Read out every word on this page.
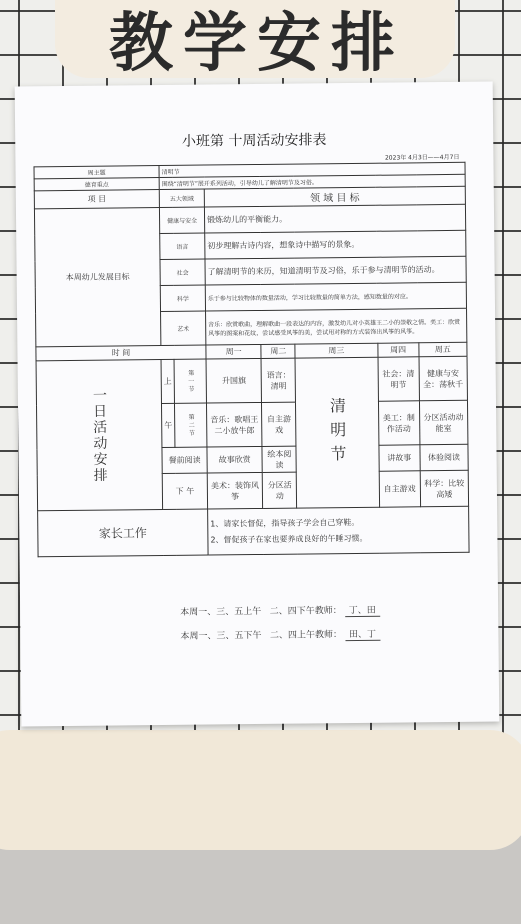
教学安排
小班第 十周活动安排表
2023年 4月3日——4月7日
周主题	清明节						
德育重点	围绕“清明节”展开系列活动，引导幼儿了解清明节及习俗。						
项 目	五大领域		领 域 目 标				
本周幼儿发展目标	健康与安全		锻炼幼儿的平衡能力。				
	语言		初步理解古诗内容，想象诗中描写的景象。				
	社会		了解清明节的来历，知道清明节及习俗，乐于参与清明节的活动。				
	科学		乐于参与比较物体的数量活动，学习比较数量的简单方法，感知数量的对应。				
	艺术		音乐：欣赏歌曲，理解歌曲一段表达的内容，激发幼儿对小英雄王二小的崇敬之情。美工：欣赏风筝的图案和花纹，尝试感受风筝的美，尝试用对称的方式装饰出风筝的风筝。				
时 间			周一	周二	周三	周四	周五
一日活动安排	上	第一节	升国旗	语言：清明	清明节	社会：清明节	健康与安全：荡秋千
	午	第二节	音乐：歌唱王二小放牛郎	自主游戏		美工：制作活动	分区活动动能室
	餐前阅读		故事欣赏	绘本阅读		讲故事	体验阅读
	下 午		美术：装饰风筝	分区活动		自主游戏	科学：比较高矮
家长工作			1、请家长督促，指导孩子学会自己穿鞋。
2、督促孩子在家也要养成良好的午睡习惯。				
本周一、三、五上午 二、四下午教师： 丁、田
本周一、三、五下午 二、四上午教师： 田、丁
